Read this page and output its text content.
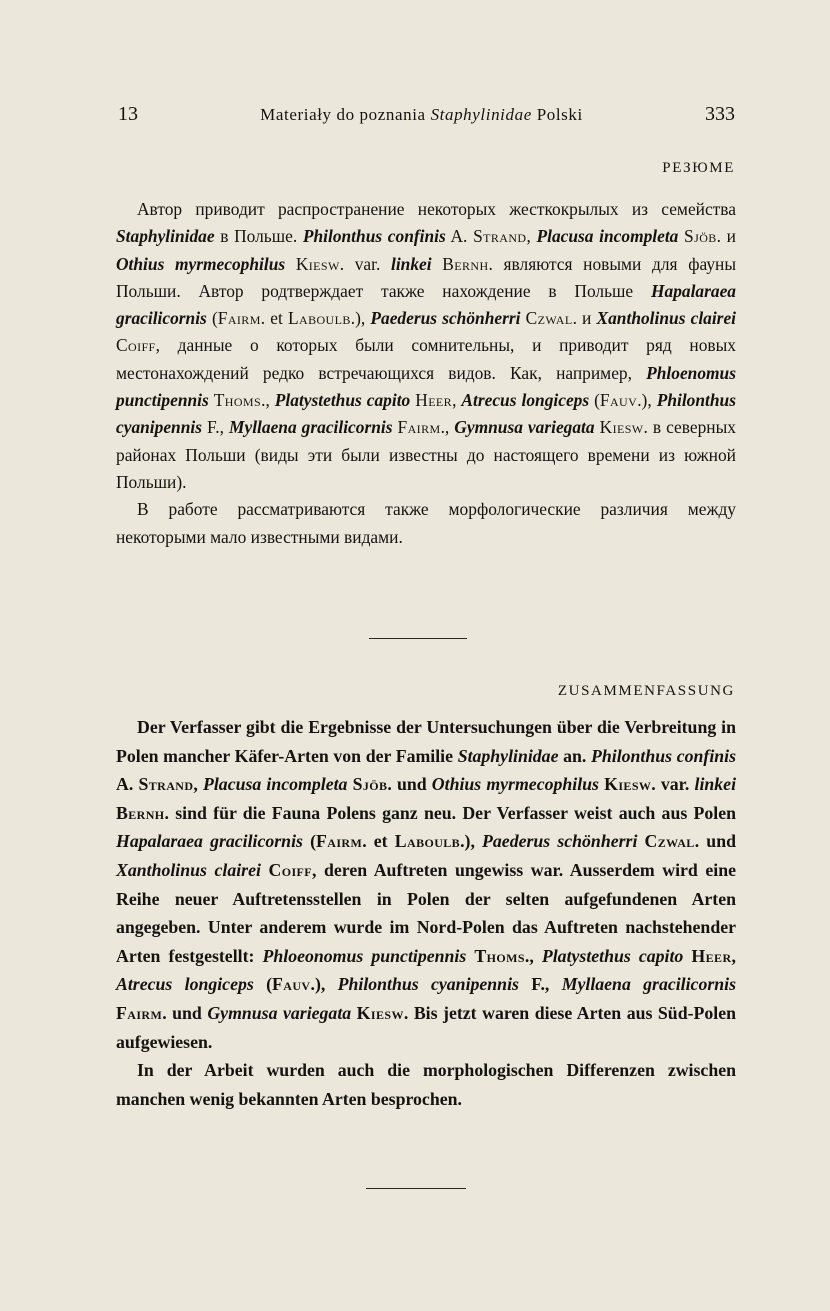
13	Materiały do poznania Staphylinidae Polski	333
РЕЗЮМЕ

Автор приводит распространение некоторых жесткокрылых из семейства Staphylinidae в Польше. Philonthus confinis A. Strand, Placusa incompleta Sjöb. и Othius myrmecophilus Kiesw. var. linkei Bernh. являются новыми для фауны Польши. Автор родтверждает также нахождение в Польше Hapalaraea gracilicornis (Fairm. et Laboulb.), Paederus schönherri Czwal. и Xantholinus clairei Coiff, данные о которых были сомнительны, и приводит ряд новых местонахождений редко встречающихся видов. Как, например, Phloenomus punctipennis Thoms., Platystethus capito Heer, Atrecus longiceps (Fauv.), Philonthus cyanipennis F., Myllaena gracilicornis Fairm., Gymnusa variegata Kiesw. в северных районах Польши (виды эти были известны до настоящего времени из южной Польши).

В работе рассматриваются также морфологические различия между некоторыми мало известными видами.

ZUSAMMENFASSUNG

Der Verfasser gibt die Ergebnisse der Untersuchungen über die Verbreitung in Polen mancher Käfer-Arten von der Familie Staphylinidae an. Philonthus confinis A. Strand, Placusa incompleta Sjöb. und Othius myrmecophilus Kiesw. var. linkei Bernh. sind für die Fauna Polens ganz neu. Der Verfasser weist auch aus Polen Hapalaraea gracilicornis (Fairm. et Laboulb.), Paederus schönherri Czwal. und Xantholinus clairei Coiff, deren Auftreten ungewiss war. Ausserdem wird eine Reihe neuer Auftretensstellen in Polen der selten aufgefundenen Arten angegeben. Unter anderem wurde im Nord-Polen das Auftreten nachstehender Arten festgestellt: Phloeonomus punctipennis Thoms., Platystethus capito Heer, Atrecus longiceps (Fauv.), Philonthus cyanipennis F., Myllaena gracilicornis Fairm. und Gymnusa variegata Kiesw. Bis jetzt waren diese Arten aus Süd-Polen aufgewiesen.

In der Arbeit wurden auch die morphologischen Differenzen zwischen manchen wenig bekannten Arten besprochen.
